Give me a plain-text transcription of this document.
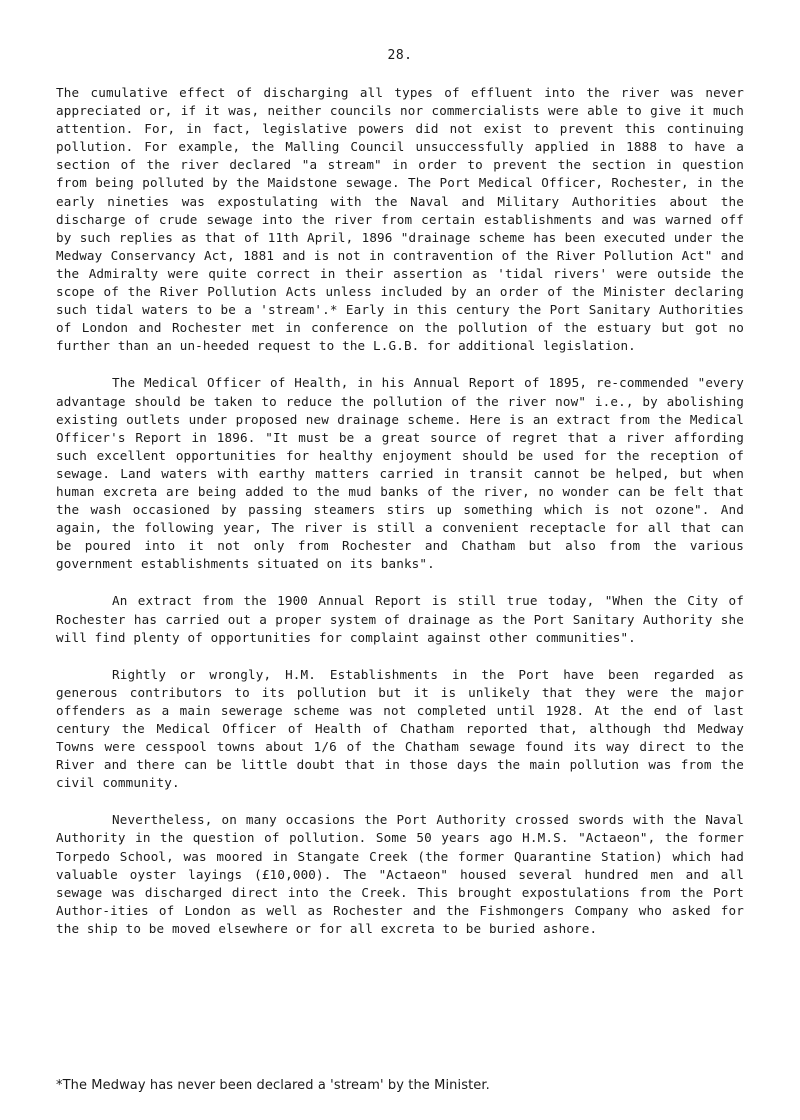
28.

The cumulative effect of discharging all types of effluent into the river was never appreciated or, if it was, neither councils nor commercialists were able to give it much attention. For, in fact, legislative powers did not exist to prevent this continuing pollution. For example, the Malling Council unsuccessfully applied in 1888 to have a section of the river declared "a stream" in order to prevent the section in question from being polluted by the Maidstone sewage. The Port Medical Officer, Rochester, in the early nineties was expostulating with the Naval and Military Authorities about the discharge of crude sewage into the river from certain establishments and was warned off by such replies as that of 11th April, 1896 "drainage scheme has been executed under the Medway Conservancy Act, 1881 and is not in contravention of the River Pollution Act" and the Admiralty were quite correct in their assertion as 'tidal rivers' were outside the scope of the River Pollution Acts unless included by an order of the Minister declaring such tidal waters to be a 'stream'.* Early in this century the Port Sanitary Authorities of London and Rochester met in conference on the pollution of the estuary but got no further than an un-heeded request to the L.G.B. for additional legislation.

The Medical Officer of Health, in his Annual Report of 1895, re-commended "every advantage should be taken to reduce the pollution of the river now" i.e., by abolishing existing outlets under proposed new drainage scheme. Here is an extract from the Medical Officer's Report in 1896. "It must be a great source of regret that a river affording such excellent opportunities for healthy enjoyment should be used for the reception of sewage. Land waters with earthy matters carried in transit cannot be helped, but when human excreta are being added to the mud banks of the river, no wonder can be felt that the wash occasioned by passing steamers stirs up something which is not ozone". And again, the following year, The river is still a convenient receptacle for all that can be poured into it not only from Rochester and Chatham but also from the various government establishments situated on its banks".

An extract from the 1900 Annual Report is still true today, "When the City of Rochester has carried out a proper system of drainage as the Port Sanitary Authority she will find plenty of opportunities for complaint against other communities".

Rightly or wrongly, H.M. Establishments in the Port have been regarded as generous contributors to its pollution but it is unlikely that they were the major offenders as a main sewerage scheme was not completed until 1928. At the end of last century the Medical Officer of Health of Chatham reported that, although thd Medway Towns were cesspool towns about 1/6 of the Chatham sewage found its way direct to the River and there can be little doubt that in those days the main pollution was from the civil community.

Nevertheless, on many occasions the Port Authority crossed swords with the Naval Authority in the question of pollution. Some 50 years ago H.M.S. "Actaeon", the former Torpedo School, was moored in Stangate Creek (the former Quarantine Station) which had valuable oyster layings (£10,000). The "Actaeon" housed several hundred men and all sewage was discharged direct into the Creek. This brought expostulations from the Port Author-ities of London as well as Rochester and the Fishmongers Company who asked for the ship to be moved elsewhere or for all excreta to be buried ashore.

*The Medway has never been declared a 'stream' by the Minister.
